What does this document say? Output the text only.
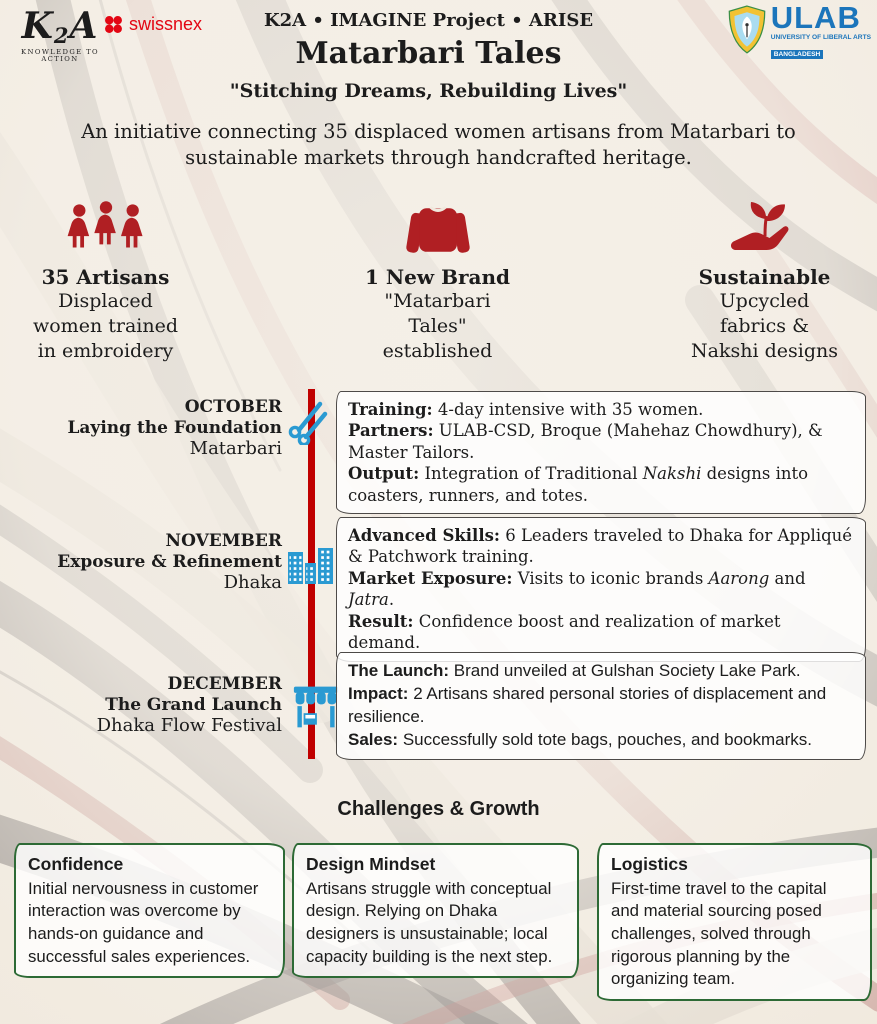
K2A
KNOWLEDGE TO ACTION
swissnex	K2A • IMAGINE Project • ARISE
Matarbari Tales
"Stitching Dreams, Rebuilding Lives"
ULAB
UNIVERSITY OF LIBERAL ARTS
BANGLADESH
An initiative connecting 35 displaced women artisans from Matarbari to sustainable markets through handcrafted heritage.
35 Artisans
Displaced
women trained
in embroidery
1 New Brand
"Matarbari
Tales"
established
Sustainable
Upcycled
fabrics &
Nakshi designs
OCTOBER
Laying the Foundation
Matarbari

Training: 4-day intensive with 35 women.

Partners: ULAB-CSD, Broque (Mahehaz Chowdhury), & Master Tailors.

Output: Integration of Traditional Nakshi designs into coasters, runners, and totes.

NOVEMBER
Exposure & Refinement
Dhaka

Advanced Skills: 6 Leaders traveled to Dhaka for Appliqué & Patchwork training.

Market Exposure: Visits to iconic brands Aarong and Jatra.

Result: Confidence boost and realization of market demand.

DECEMBER
The Grand Launch
Dhaka Flow Festival

The Launch: Brand unveiled at Gulshan Society Lake Park.

Impact: 2 Artisans shared personal stories of displacement and resilience.

Sales: Successfully sold tote bags, pouches, and bookmarks.

Challenges & Growth

Confidence

Initial nervousness in customer interaction was overcome by hands-on guidance and successful sales experiences.

Design Mindset

Artisans struggle with conceptual design. Relying on Dhaka designers is unsustainable; local capacity building is the next step.

Logistics

First-time travel to the capital and material sourcing posed challenges, solved through rigorous planning by the organizing team.
